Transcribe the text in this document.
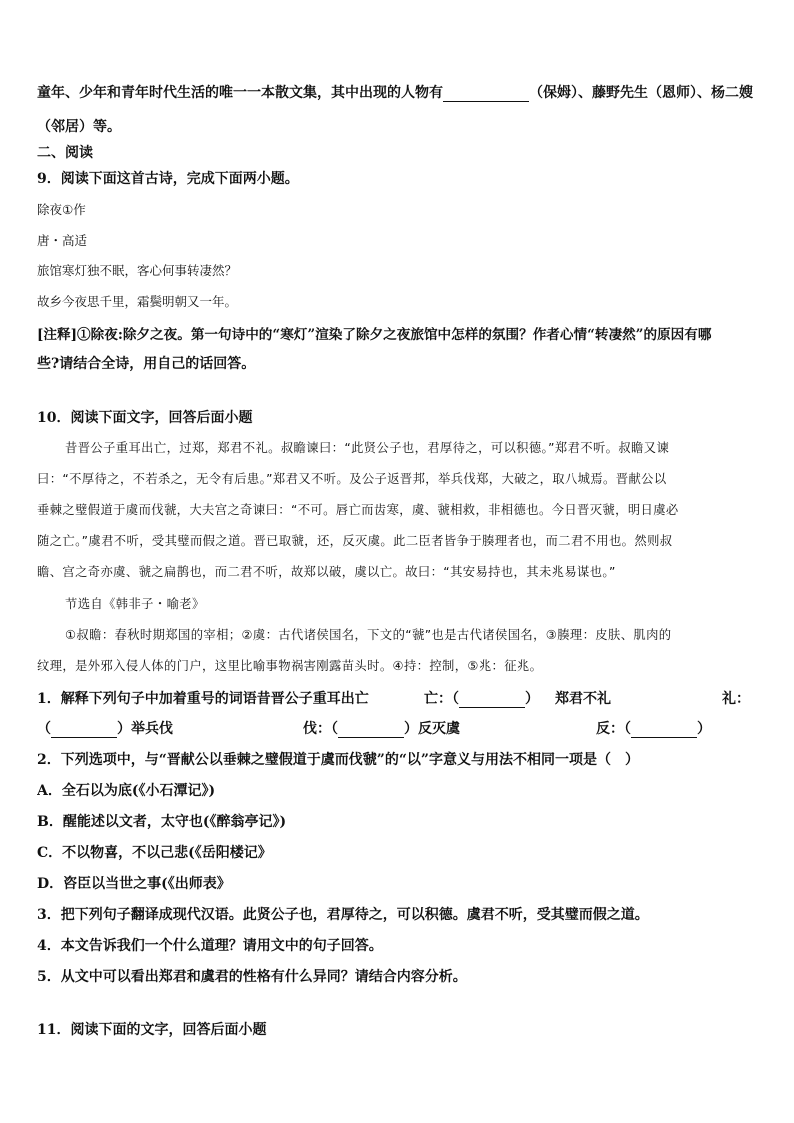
童年、少年和青年时代生活的唯一一本散文集，其中出现的人物有	（保姆）、藤野先生（恩师）、杨二嫂
（邻居）等。
二、阅读
9．阅读下面这首古诗，完成下面两小题。
除夜①作
唐・高适
旅馆寒灯独不眠，客心何事转凄然？
故乡今夜思千里，霜鬓明朝又一年。
[注释]①除夜:除夕之夜。第一句诗中的“寒灯”渲染了除夕之夜旅馆中怎样的氛围？作者心情“转凄然”的原因有哪
些?请结合全诗，用自己的话回答。
10．阅读下面文字，回答后面小题
昔晋公子重耳出亡，过郑，郑君不礼。叔瞻谏曰：“此贤公子也，君厚待之，可以积德。”郑君不听。叔瞻又谏
曰：“不厚待之，不若杀之，无令有后患。”郑君又不听。及公子返晋邦，举兵伐郑，大破之，取八城焉。晋献公以
垂棘之璧假道于虞而伐虢，大夫宫之奇谏曰：“不可。唇亡而齿寒，虞、虢相救，非相德也。今日晋灭虢，明日虞必
随之亡。”虞君不听，受其璧而假之道。晋已取虢，还，反灭虞。此二臣者皆争于腠理者也，而二君不用也。然则叔
瞻、宫之奇亦虞、虢之扁鹊也，而二君不听，故郑以破，虞以亡。故曰：“其安易持也，其未兆易谋也。”
节选自《韩非子・喻老》
①叔瞻：春秋时期郑国的宰相；②虞：古代诸侯国名，下文的“虢”也是古代诸侯国名，③腠理：皮肤、肌肉的
纹理，是外邪入侵人体的门户，这里比喻事物祸害刚露苗头时。④持：控制，⑤兆：征兆。
1．解释下列句子中加着重号的词语昔晋公子重耳出亡	亡：（	） 郑君不礼	礼：
（	）举兵伐	伐：（	）反灭虞	反：（	）
2．下列选项中，与“晋献公以垂棘之璧假道于虞而伐虢”的“以”字意义与用法不相同一项是（　）
A．全石以为底(《小石潭记》)
B．醒能述以文者，太守也(《醉翁亭记》)
C．不以物喜，不以己悲(《岳阳楼记》
D．咨臣以当世之事(《出师表》
3．把下列句子翻译成现代汉语。此贤公子也，君厚待之，可以积德。虞君不听，受其璧而假之道。
4．本文告诉我们一个什么道理？请用文中的句子回答。
5．从文中可以看出郑君和虞君的性格有什么异同？请结合内容分析。
11．阅读下面的文字，回答后面小题
